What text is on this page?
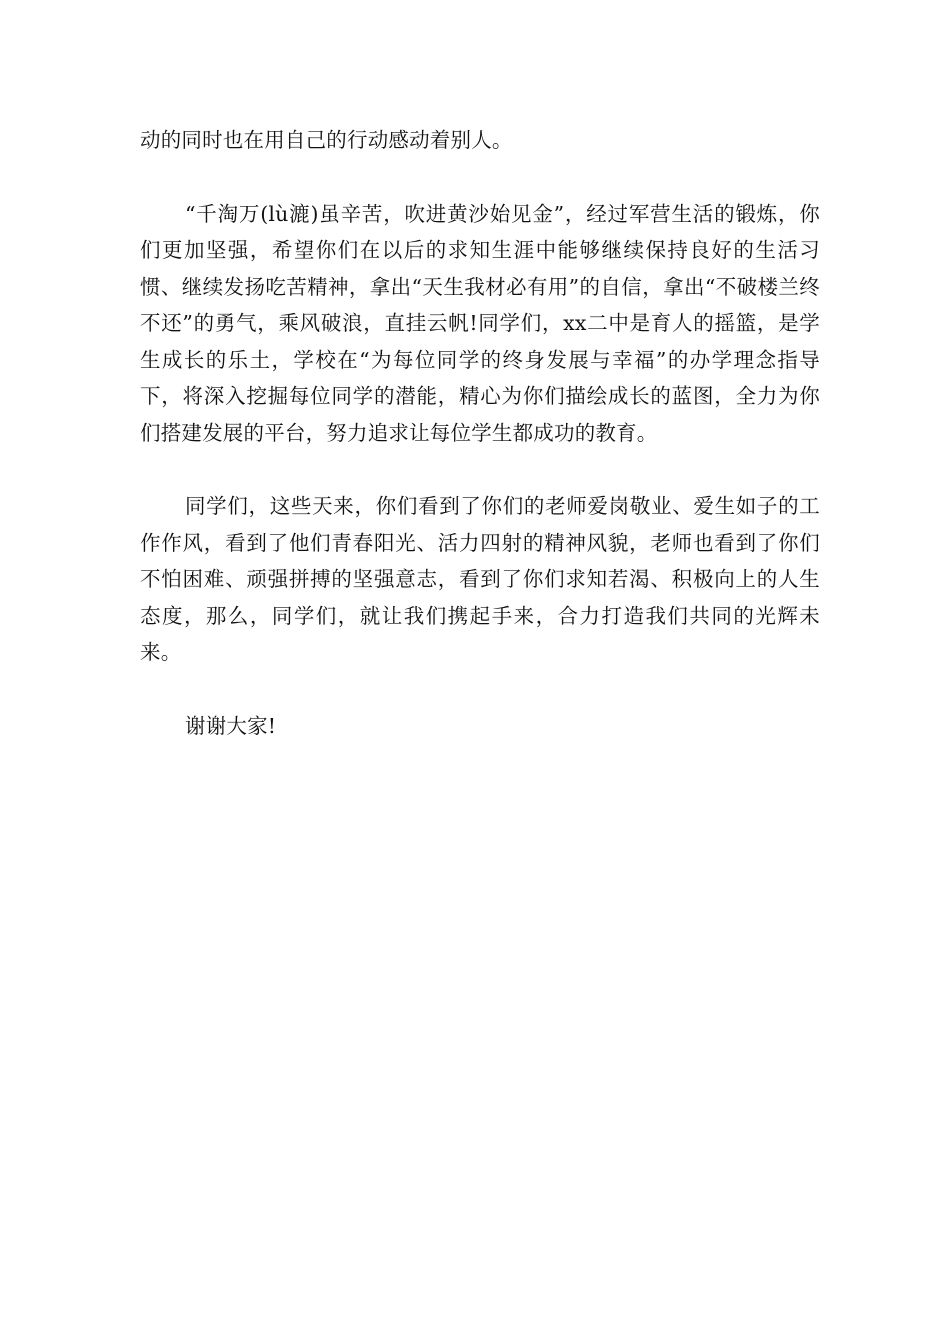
动的同时也在用自己的行动感动着别人。

“千淘万(lù漉)虽辛苦，吹进黄沙始见金”，经过军营生活的锻炼，你们更加坚强，希望你们在以后的求知生涯中能够继续保持良好的生活习惯、继续发扬吃苦精神，拿出“天生我材必有用”的自信，拿出“不破楼兰终不还”的勇气，乘风破浪，直挂云帆!同学们，xx二中是育人的摇篮，是学生成长的乐土，学校在“为每位同学的终身发展与幸福”的办学理念指导下，将深入挖掘每位同学的潜能，精心为你们描绘成长的蓝图，全力为你们搭建发展的平台，努力追求让每位学生都成功的教育。

同学们，这些天来，你们看到了你们的老师爱岗敬业、爱生如子的工作作风，看到了他们青春阳光、活力四射的精神风貌，老师也看到了你们不怕困难、顽强拼搏的坚强意志，看到了你们求知若渴、积极向上的人生态度，那么，同学们，就让我们携起手来，合力打造我们共同的光辉未来。

谢谢大家!
